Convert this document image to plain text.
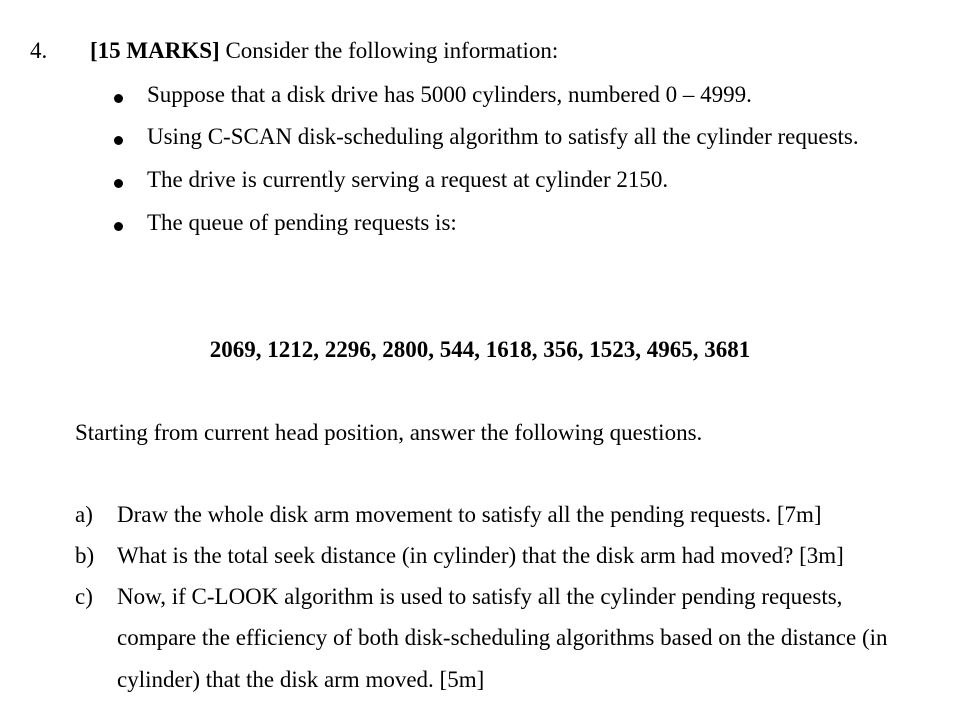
4. [15 MARKS] Consider the following information:
Suppose that a disk drive has 5000 cylinders, numbered 0 – 4999.
Using C-SCAN disk-scheduling algorithm to satisfy all the cylinder requests.
The drive is currently serving a request at cylinder 2150.
The queue of pending requests is:
2069, 1212, 2296, 2800, 544, 1618, 356, 1523, 4965, 3681
Starting from current head position, answer the following questions.
a) Draw the whole disk arm movement to satisfy all the pending requests. [7m]
b) What is the total seek distance (in cylinder) that the disk arm had moved? [3m]
c) Now, if C-LOOK algorithm is used to satisfy all the cylinder pending requests,
compare the efficiency of both disk-scheduling algorithms based on the distance (in
cylinder) that the disk arm moved. [5m]
